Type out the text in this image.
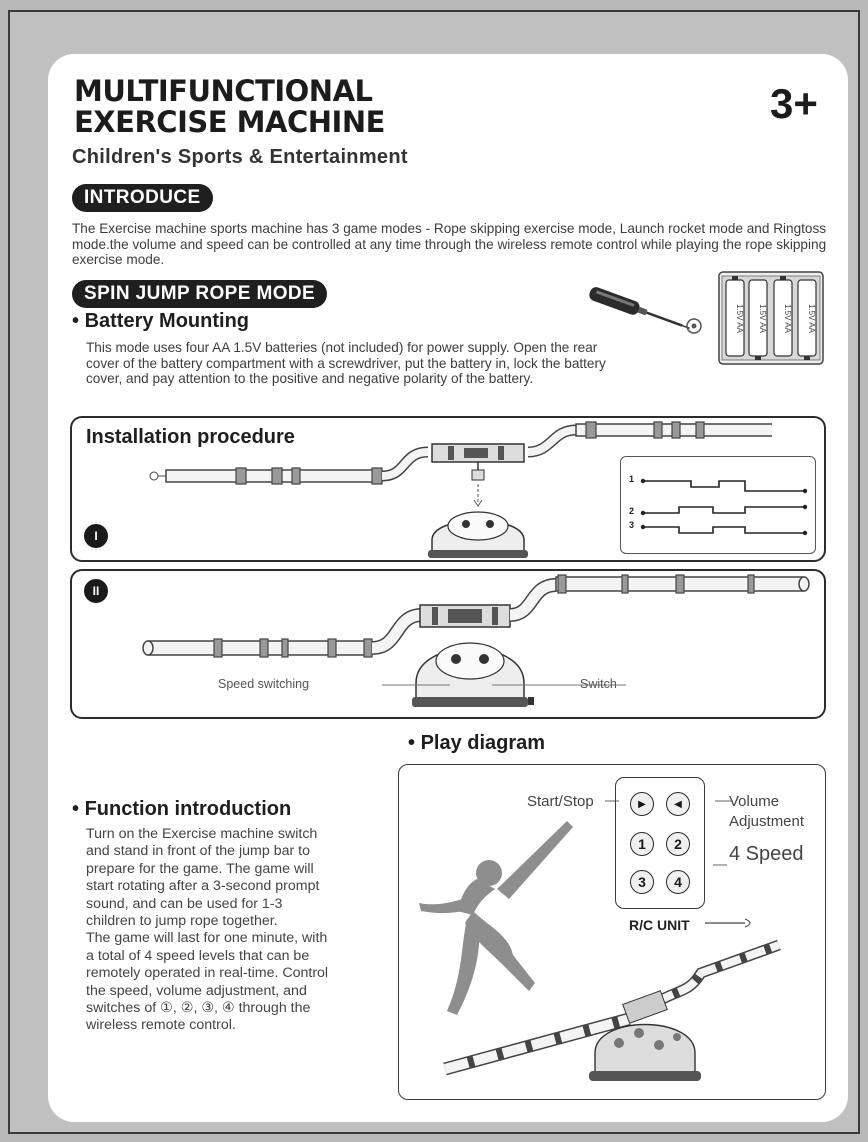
MULTIFUNCTIONAL
EXERCISE MACHINE	3+
Children's Sports & Entertainment
INTRODUCE
The Exercise machine sports machine has 3 game modes - Rope skipping exercise mode, Launch rocket mode and Ringtoss mode.the volume and speed can be controlled at any time through the wireless remote control while playing the rope skipping exercise mode.
SPIN JUMP ROPE MODE
• Battery Mounting
This mode uses four AA 1.5V batteries (not included) for power supply. Open the rear cover of the battery compartment with a screwdriver, put the battery in, lock the battery cover, and pay attention to the positive and negative polarity of the battery.
1.5V AA	1.5V AA	1.5V AA	1.5V AA
Installation procedure
I
1
2
3
II
Speed switching	Switch
• Play diagram
• Function introduction
Turn on the Exercise machine switch
and stand in front of the jump bar to
prepare for the game. The game will
start rotating after a 3-second prompt
sound, and can be used for 1-3
children to jump rope together.
The game will last for one minute, with
a total of 4 speed levels that can be
remotely operated in real-time. Control
the speed, volume adjustment, and
switches of ①, ②, ③, ④ through the
wireless remote control.
Start/Stop	Volume
Adjustment
4 Speed
▶	◀
1	2
3	4
R/C UNIT
